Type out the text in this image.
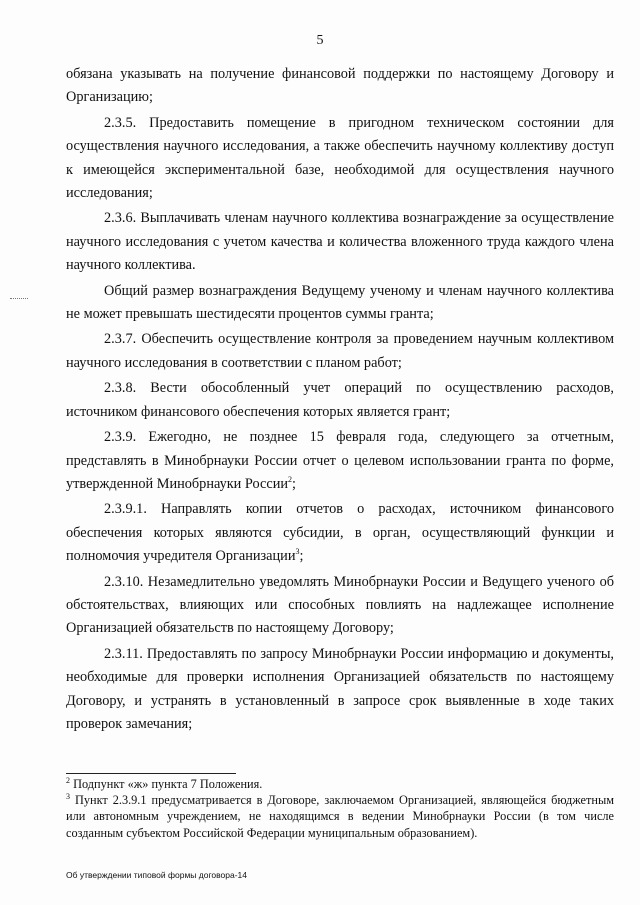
5

обязана указывать на получение финансовой поддержки по настоящему Договору и Организацию;

2.3.5. Предоставить помещение в пригодном техническом состоянии для осуществления научного исследования, а также обеспечить научному коллективу доступ к имеющейся экспериментальной базе, необходимой для осуществления научного исследования;

2.3.6. Выплачивать членам научного коллектива вознаграждение за осуществление научного исследования с учетом качества и количества вложенного труда каждого члена научного коллектива.

Общий размер вознаграждения Ведущему ученому и членам научного коллектива не может превышать шестидесяти процентов суммы гранта;

2.3.7. Обеспечить осуществление контроля за проведением научным коллективом научного исследования в соответствии с планом работ;

2.3.8. Вести обособленный учет операций по осуществлению расходов, источником финансового обеспечения которых является грант;

2.3.9. Ежегодно, не позднее 15 февраля года, следующего за отчетным, представлять в Минобрнауки России отчет о целевом использовании гранта по форме, утвержденной Минобрнауки России$^2$;

2.3.9.1. Направлять копии отчетов о расходах, источником финансового обеспечения которых являются субсидии, в орган, осуществляющий функции и полномочия учредителя Организации$^3$;

2.3.10. Незамедлительно уведомлять Минобрнауки России и Ведущего ученого об обстоятельствах, влияющих или способных повлиять на надлежащее исполнение Организацией обязательств по настоящему Договору;

2.3.11. Предоставлять по запросу Минобрнауки России информацию и документы, необходимые для проверки исполнения Организацией обязательств по настоящему Договору, и устранять в установленный в запросе срок выявленные в ходе таких проверок замечания;

$^2$ Подпункт «ж» пункта 7 Положения.

$^3$ Пункт 2.3.9.1 предусматривается в Договоре, заключаемом Организацией, являющейся бюджетным или автономным учреждением, не находящимся в ведении Минобрнауки России (в том числе созданным субъектом Российской Федерации муниципальным образованием).

Об утверждении типовой формы договора-14
